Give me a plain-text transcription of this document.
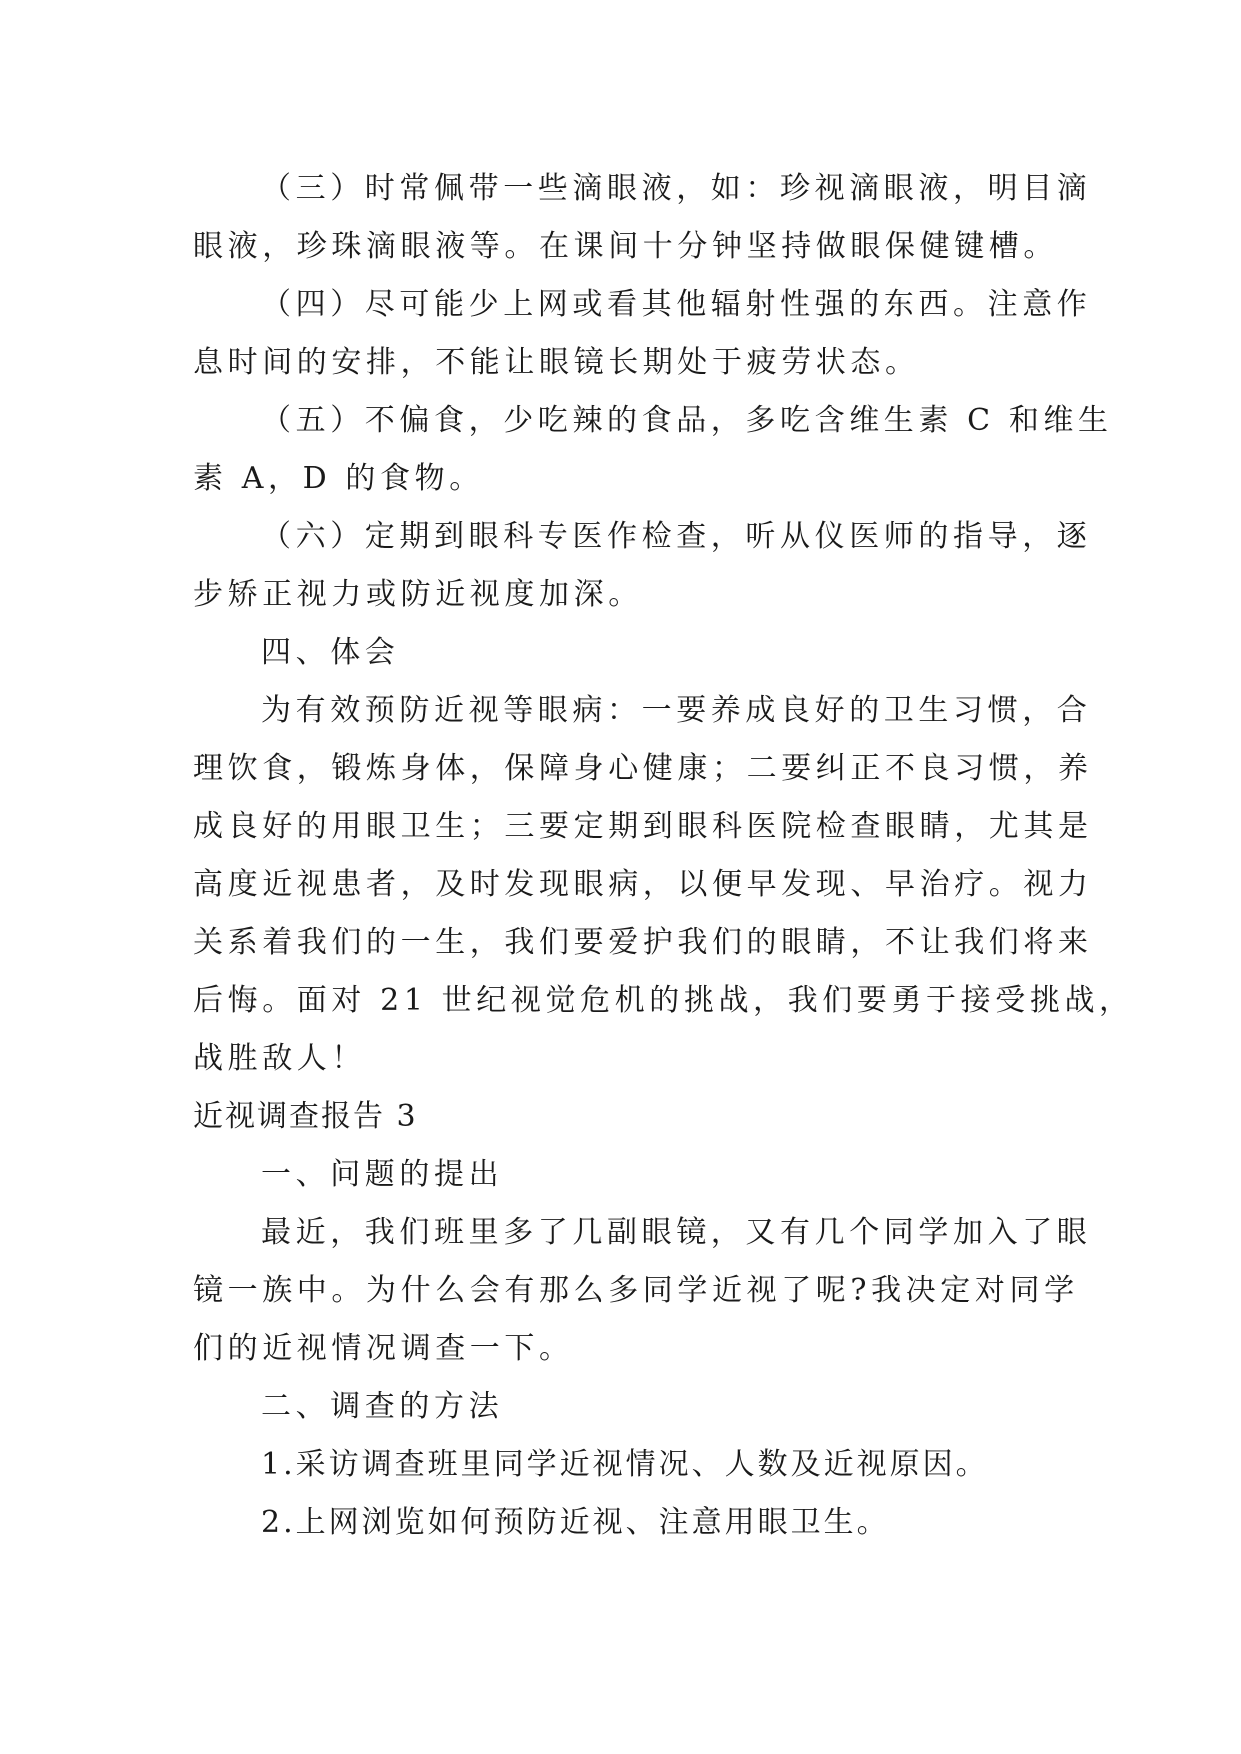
（三）时常佩带一些滴眼液，如：珍视滴眼液，明目滴

眼液，珍珠滴眼液等。在课间十分钟坚持做眼保健键槽。

（四）尽可能少上网或看其他辐射性强的东西。注意作

息时间的安排，不能让眼镜长期处于疲劳状态。

（五）不偏食，少吃辣的食品，多吃含维生素 C 和维生

素 A，D 的食物。

（六）定期到眼科专医作检查，听从仪医师的指导，逐

步矫正视力或防近视度加深。

四、体会

为有效预防近视等眼病：一要养成良好的卫生习惯，合

理饮食，锻炼身体，保障身心健康；二要纠正不良习惯，养

成良好的用眼卫生；三要定期到眼科医院检查眼睛，尤其是

高度近视患者，及时发现眼病，以便早发现、早治疗。视力

关系着我们的一生，我们要爱护我们的眼睛，不让我们将来

后悔。面对 21 世纪视觉危机的挑战，我们要勇于接受挑战，

战胜敌人！

近视调查报告 3

一、问题的提出

最近，我们班里多了几副眼镜，又有几个同学加入了眼

镜一族中。为什么会有那么多同学近视了呢?我决定对同学

们的近视情况调查一下。

二、调查的方法

1.采访调查班里同学近视情况、人数及近视原因。

2.上网浏览如何预防近视、注意用眼卫生。
